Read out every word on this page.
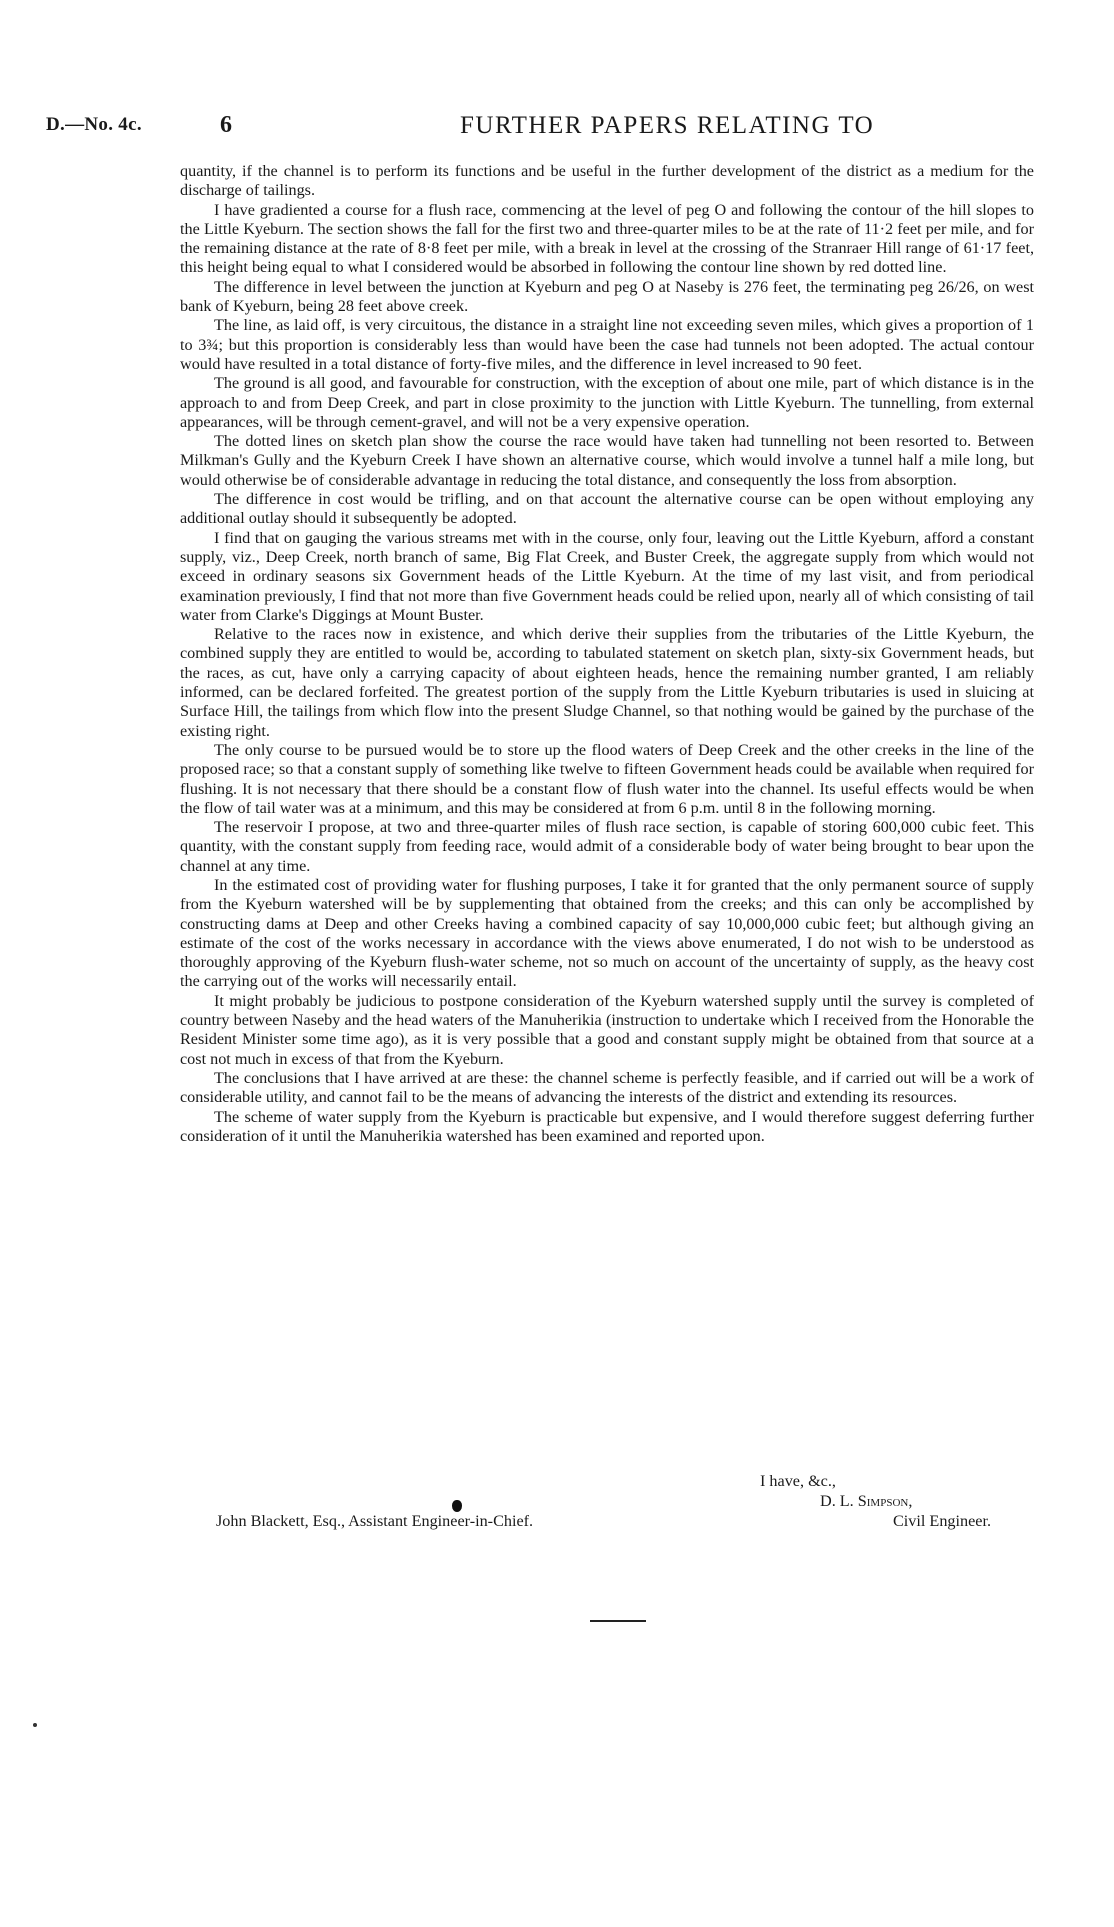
D.—No. 4c.	6	FURTHER PAPERS RELATING TO

quantity, if the channel is to perform its functions and be useful in the further development of the district as a medium for the discharge of tailings.

I have gradiented a course for a flush race, commencing at the level of peg O and following the contour of the hill slopes to the Little Kyeburn. The section shows the fall for the first two and three-quarter miles to be at the rate of 11·2 feet per mile, and for the remaining distance at the rate of 8·8 feet per mile, with a break in level at the crossing of the Stranraer Hill range of 61·17 feet, this height being equal to what I considered would be absorbed in following the contour line shown by red dotted line.

The difference in level between the junction at Kyeburn and peg O at Naseby is 276 feet, the terminating peg 26/26, on west bank of Kyeburn, being 28 feet above creek.

The line, as laid off, is very circuitous, the distance in a straight line not exceeding seven miles, which gives a proportion of 1 to 3¾; but this proportion is considerably less than would have been the case had tunnels not been adopted. The actual contour would have resulted in a total distance of forty-five miles, and the difference in level increased to 90 feet.

The ground is all good, and favourable for construction, with the exception of about one mile, part of which distance is in the approach to and from Deep Creek, and part in close proximity to the junction with Little Kyeburn. The tunnelling, from external appearances, will be through cement-gravel, and will not be a very expensive operation.

The dotted lines on sketch plan show the course the race would have taken had tunnelling not been resorted to. Between Milkman's Gully and the Kyeburn Creek I have shown an alternative course, which would involve a tunnel half a mile long, but would otherwise be of considerable advantage in reducing the total distance, and consequently the loss from absorption.

The difference in cost would be trifling, and on that account the alternative course can be open without employing any additional outlay should it subsequently be adopted.

I find that on gauging the various streams met with in the course, only four, leaving out the Little Kyeburn, afford a constant supply, viz., Deep Creek, north branch of same, Big Flat Creek, and Buster Creek, the aggregate supply from which would not exceed in ordinary seasons six Government heads of the Little Kyeburn. At the time of my last visit, and from periodical examination previously, I find that not more than five Government heads could be relied upon, nearly all of which consisting of tail water from Clarke's Diggings at Mount Buster.

Relative to the races now in existence, and which derive their supplies from the tributaries of the Little Kyeburn, the combined supply they are entitled to would be, according to tabulated statement on sketch plan, sixty-six Government heads, but the races, as cut, have only a carrying capacity of about eighteen heads, hence the remaining number granted, I am reliably informed, can be declared forfeited. The greatest portion of the supply from the Little Kyeburn tributaries is used in sluicing at Surface Hill, the tailings from which flow into the present Sludge Channel, so that nothing would be gained by the purchase of the existing right.

The only course to be pursued would be to store up the flood waters of Deep Creek and the other creeks in the line of the proposed race; so that a constant supply of something like twelve to fifteen Government heads could be available when required for flushing. It is not necessary that there should be a constant flow of flush water into the channel. Its useful effects would be when the flow of tail water was at a minimum, and this may be considered at from 6 p.m. until 8 in the following morning.

The reservoir I propose, at two and three-quarter miles of flush race section, is capable of storing 600,000 cubic feet. This quantity, with the constant supply from feeding race, would admit of a considerable body of water being brought to bear upon the channel at any time.

In the estimated cost of providing water for flushing purposes, I take it for granted that the only permanent source of supply from the Kyeburn watershed will be by supplementing that obtained from the creeks; and this can only be accomplished by constructing dams at Deep and other Creeks having a combined capacity of say 10,000,000 cubic feet; but although giving an estimate of the cost of the works necessary in accordance with the views above enumerated, I do not wish to be understood as thoroughly approving of the Kyeburn flush-water scheme, not so much on account of the uncertainty of supply, as the heavy cost the carrying out of the works will necessarily entail.

It might probably be judicious to postpone consideration of the Kyeburn watershed supply until the survey is completed of country between Naseby and the head waters of the Manuherikia (instruction to undertake which I received from the Honorable the Resident Minister some time ago), as it is very possible that a good and constant supply might be obtained from that source at a cost not much in excess of that from the Kyeburn.

The conclusions that I have arrived at are these: the channel scheme is perfectly feasible, and if carried out will be a work of considerable utility, and cannot fail to be the means of advancing the interests of the district and extending its resources.

The scheme of water supply from the Kyeburn is practicable but expensive, and I would therefore suggest deferring further consideration of it until the Manuherikia watershed has been examined and reported upon.

I have, &c.,
D. L. Simpson,
Civil Engineer.
John Blackett, Esq., Assistant Engineer-in-Chief.
